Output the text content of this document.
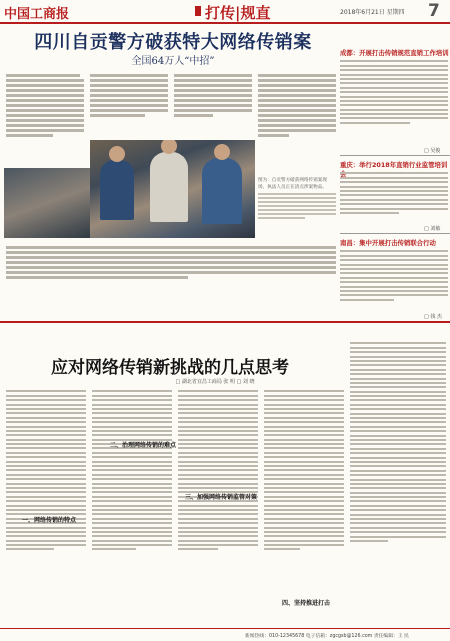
中国工商报	打传|规直	2018年6月21日 星期四 7
四川自贡警方破获特大网络传销案
全国64万人“中招”
图为：自贡警方破获网络传销案现场，执法人员正在清点涉案物品。
成都：开展打击传销规范直销工作培训
□ 吴俊
重庆：举行2018年直销行业监管培训
□ 刘敏
南昌：集中开展打击传销联合行动
□ 钱 杰
应对网络传销新挑战的几点思考
□ 湖北省宜昌工商局 张 明 □ 刘 晓
一、网络传销的特点
二、治理网络传销的难点
三、加强网络传销监管对策
四、坚持推进打击
新闻热线：010-12345678 电子信箱：zgcgsb@126.com 责任编辑：王 民
